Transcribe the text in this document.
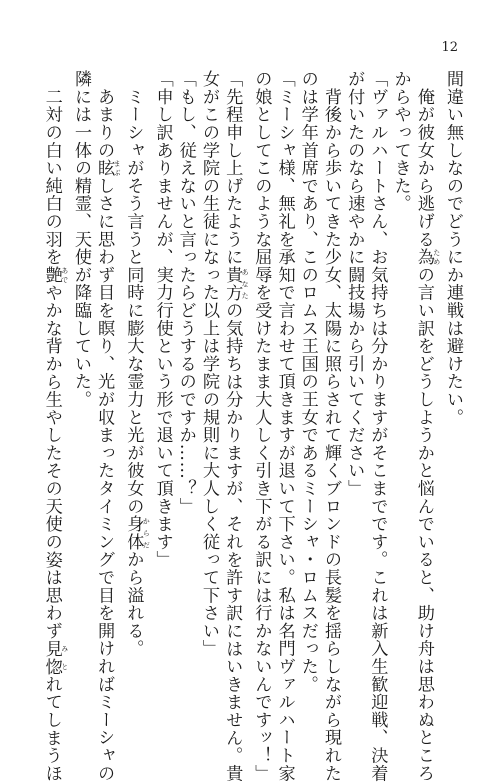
12
間違い無しなのでどうにか連戦は避けたい。
　俺が彼女から逃げる為 ための言い訳をどうしようかと悩んでいると、助け舟は思わぬところ
からやってきた。
「ヴァルハートさん、お気持ちは分かりますがそこまでです。これは新入生歓迎戦、決着
が付いたのなら速やかに闘技場から引いてください」
　背後から歩いてきた少女、太陽に照らされて輝くブロンドの長髪を揺らしながら現れた
のは学年首席であり、このロムス王国の王女であるミーシャ・ロムスだった。
「ミーシャ様、無礼を承知で言わせて頂きますが退いて下さい。私は名門ヴァルハート家
の娘としてこのような屈辱を受けたまま大人しく引き下がる訳には行かないんですッ！」
「先程申し上げたように貴方 あなたの気持ちは分かりますが、それを許す訳にはいきません。貴
女がこの学院の生徒になった以上は学院の規則に大人しく従って下さい」
「もし、従えないと言ったらどうするのですか……？」
「申し訳ありませんが、実力行使という形で退いて頂きます」
　ミーシャがそう言うと同時に膨大な霊力と光が彼女の身体 からだから溢れる。
　あまりの眩 まぶしさに思わず目を瞑り、光が収まったタイミングで目を開ければミーシャの
隣には一体の精霊、天使が降臨していた。
　二対の白い純白の羽を艶 あでやかな背から生やしたその天使の姿は思わず見惚 みとれてしまうほ
